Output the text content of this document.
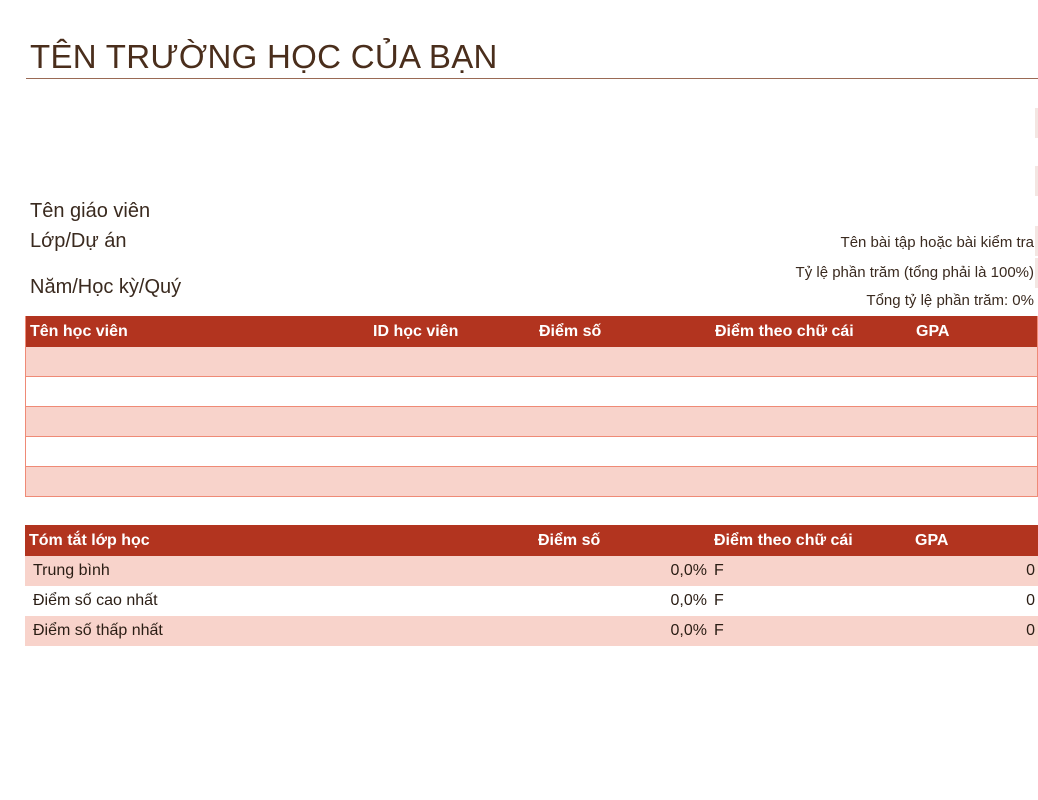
TÊN TRƯỜNG HỌC CỦA BẠN
Tên giáo viên
Lớp/Dự án
Năm/Học kỳ/Quý
Tên bài tập hoặc bài kiểm tra
Tỷ lệ phần trăm (tổng phải là 100%)
Tổng tỷ lệ phần trăm: 0%
Tên học viên	ID học viên	Điểm số	Điểm theo chữ cái	GPA
Tóm tắt lớp học	Điểm số	Điểm theo chữ cái	GPA
Trung bình	0,0% F	0
Điểm số cao nhất	0,0% F	0
Điểm số thấp nhất	0,0% F	0
